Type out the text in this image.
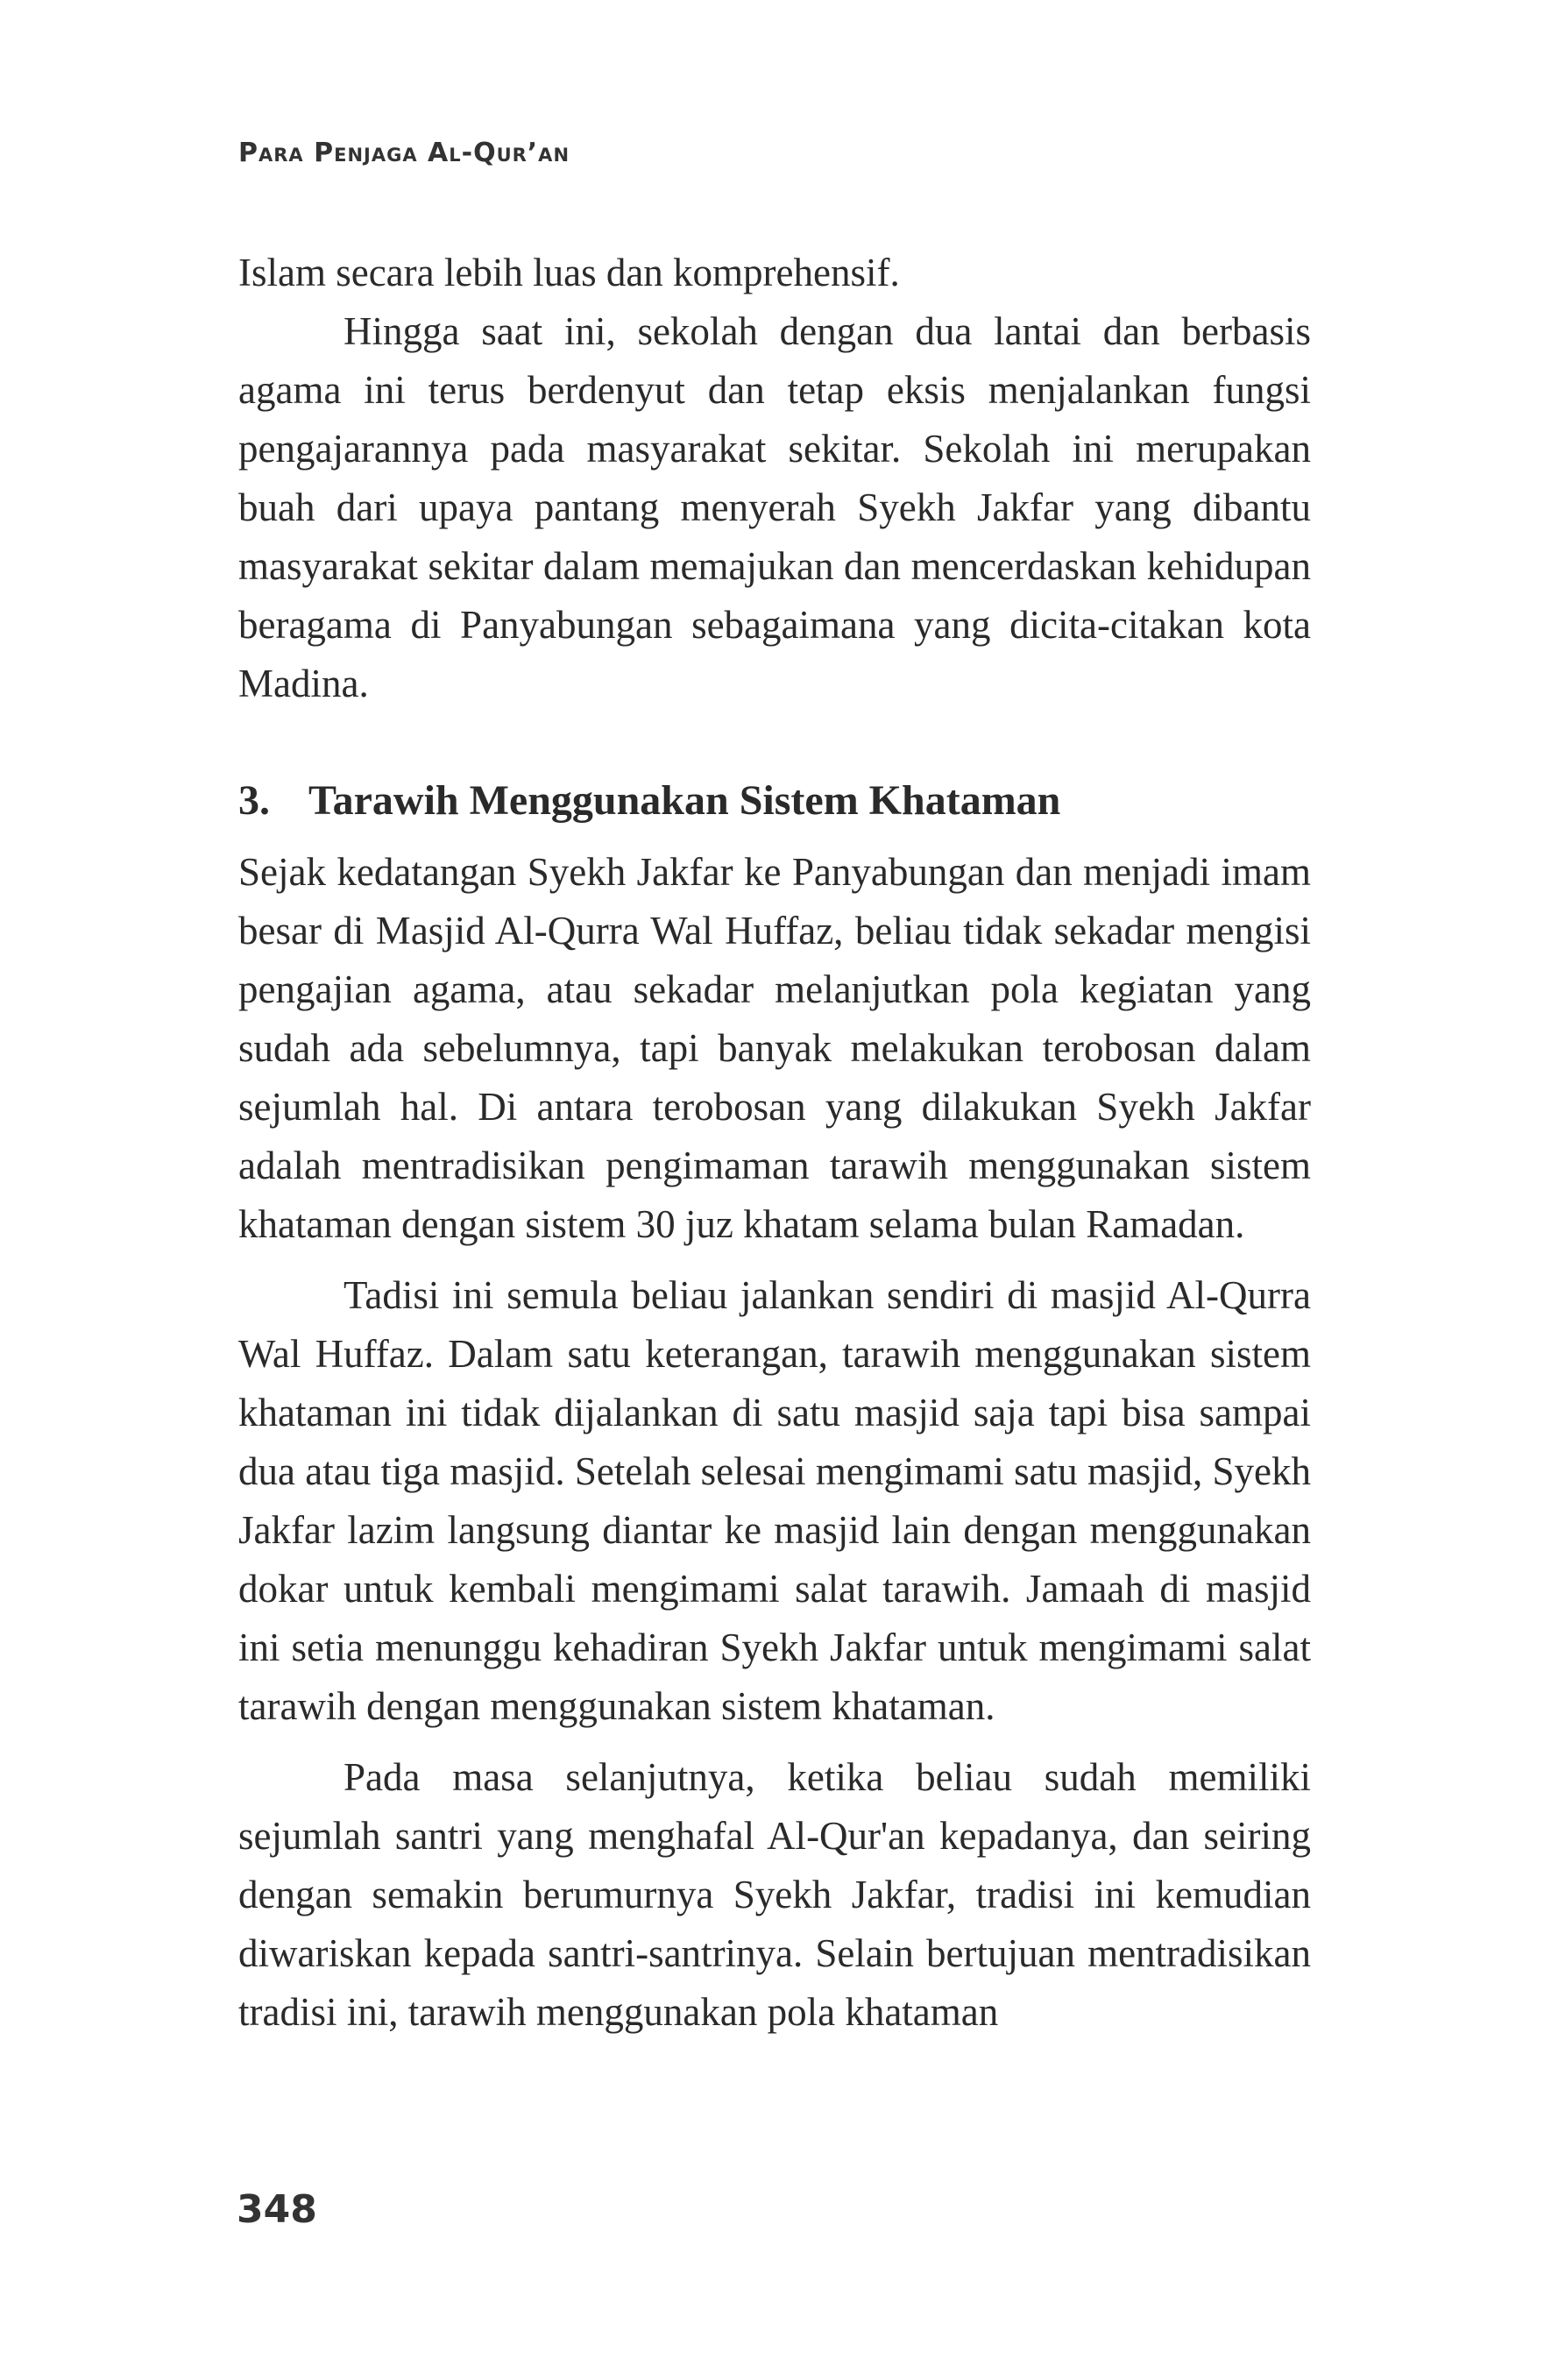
Para Penjaga Al-Qur’an

Islam secara lebih luas dan komprehensif.

Hingga saat ini, sekolah dengan dua lantai dan berbasis agama ini terus berdenyut dan tetap eksis menjalankan fungsi pengajarannya pada masyarakat sekitar. Sekolah ini merupakan buah dari upaya pantang menyerah Syekh Jakfar yang dibantu masyarakat sekitar dalam memajukan dan mencerdaskan kehidupan beragama di Panyabungan sebagaimana yang dicita-citakan kota Madina.

3. Tarawih Menggunakan Sistem Khataman

Sejak kedatangan Syekh Jakfar ke Panyabungan dan menjadi imam besar di Masjid Al-Qurra Wal Huffaz, beliau tidak sekadar mengisi pengajian agama, atau sekadar melanjutkan pola kegiatan yang sudah ada sebelumnya, tapi banyak melakukan terobosan dalam sejumlah hal. Di antara terobosan yang dilakukan Syekh Jakfar adalah mentradisikan pengimaman tarawih menggunakan sistem khataman dengan sistem 30 juz khatam selama bulan Ramadan.

Tadisi ini semula beliau jalankan sendiri di masjid Al-Qurra Wal Huffaz. Dalam satu keterangan, tarawih menggunakan sistem khataman ini tidak dijalankan di satu masjid saja tapi bisa sampai dua atau tiga masjid. Setelah selesai mengimami satu masjid, Syekh Jakfar lazim langsung diantar ke masjid lain dengan menggunakan dokar untuk kembali mengimami salat tarawih. Jamaah di masjid ini setia menunggu kehadiran Syekh Jakfar untuk mengimami salat tarawih dengan menggunakan sistem khataman.

Pada masa selanjutnya, ketika beliau sudah memiliki sejumlah santri yang menghafal Al-Qur'an kepadanya, dan seiring dengan semakin berumurnya Syekh Jakfar, tradisi ini kemudian diwariskan kepada santri-santrinya. Selain bertujuan mentradisikan tradisi ini, tarawih menggunakan pola khataman

348
